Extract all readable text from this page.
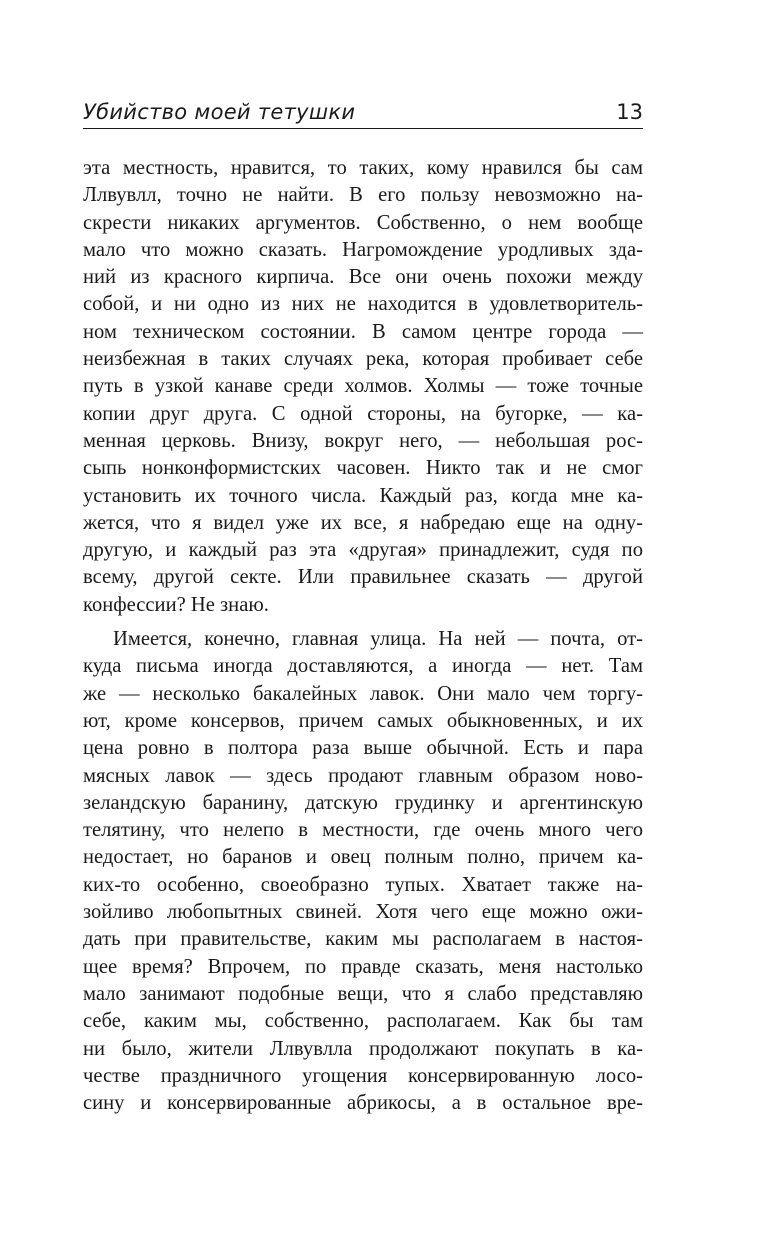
Убийство моей тетушки	13
эта местность, нравится, то таких, кому нравился бы сам
Ллвувлл, точно не найти. В его пользу невозможно на-
скрести никаких аргументов. Собственно, о нем вообще
мало что можно сказать. Нагромождение уродливых зда-
ний из красного кирпича. Все они очень похожи между
собой, и ни одно из них не находится в удовлетворитель-
ном техническом состоянии. В самом центре города —
неизбежная в таких случаях река, которая пробивает себе
путь в узкой канаве среди холмов. Холмы — тоже точные
копии друг друга. С одной стороны, на бугорке, — ка-
менная церковь. Внизу, вокруг него, — небольшая рос-
сыпь нонконформистских часовен. Никто так и не смог
установить их точного числа. Каждый раз, когда мне ка-
жется, что я видел уже их все, я набредаю еще на одну-
другую, и каждый раз эта «другая» принадлежит, судя по
всему, другой секте. Или правильнее сказать — другой
конфессии? Не знаю.
Имеется, конечно, главная улица. На ней — почта, от-
куда письма иногда доставляются, а иногда — нет. Там
же — несколько бакалейных лавок. Они мало чем торгу-
ют, кроме консервов, причем самых обыкновенных, и их
цена ровно в полтора раза выше обычной. Есть и пара
мясных лавок — здесь продают главным образом ново-
зеландскую баранину, датскую грудинку и аргентинскую
телятину, что нелепо в местности, где очень много чего
недостает, но баранов и овец полным полно, причем ка-
ких-то особенно, своеобразно тупых. Хватает также на-
зойливо любопытных свиней. Хотя чего еще можно ожи-
дать при правительстве, каким мы располагаем в настоя-
щее время? Впрочем, по правде сказать, меня настолько
мало занимают подобные вещи, что я слабо представляю
себе, каким мы, собственно, располагаем. Как бы там
ни было, жители Ллвувлла продолжают покупать в ка-
честве праздничного угощения консервированную лосо-
сину и консервированные абрикосы, а в остальное вре-
